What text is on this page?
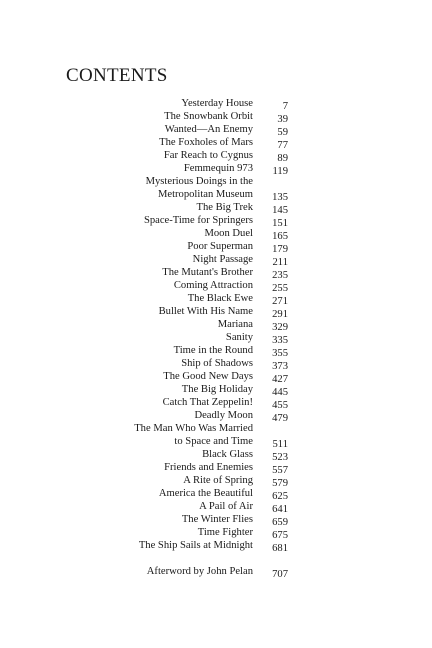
CONTENTS
Yesterday House	7
The Snowbank Orbit 39
Wanted—An Enemy 59
The Foxholes of Mars 77
Far Reach to Cygnus 89
Femmequin 973 119
Mysterious Doings in the
Metropolitan Museum 135
The Big Trek 145
Space-Time for Springers 151
Moon Duel 165
Poor Superman 179
Night Passage 211
The Mutant's Brother 235
Coming Attraction 255
The Black Ewe 271
Bullet With His Name 291
Mariana 329
Sanity 335
Time in the Round 355
Ship of Shadows 373
The Good New Days 427
The Big Holiday 445
Catch That Zeppelin! 455
Deadly Moon 479
The Man Who Was Married
to Space and Time 511
Black Glass 523
Friends and Enemies 557
A Rite of Spring 579
America the Beautiful 625
A Pail of Air 641
The Winter Flies 659
Time Fighter 675
The Ship Sails at Midnight 681
Afterword by John Pelan 707
